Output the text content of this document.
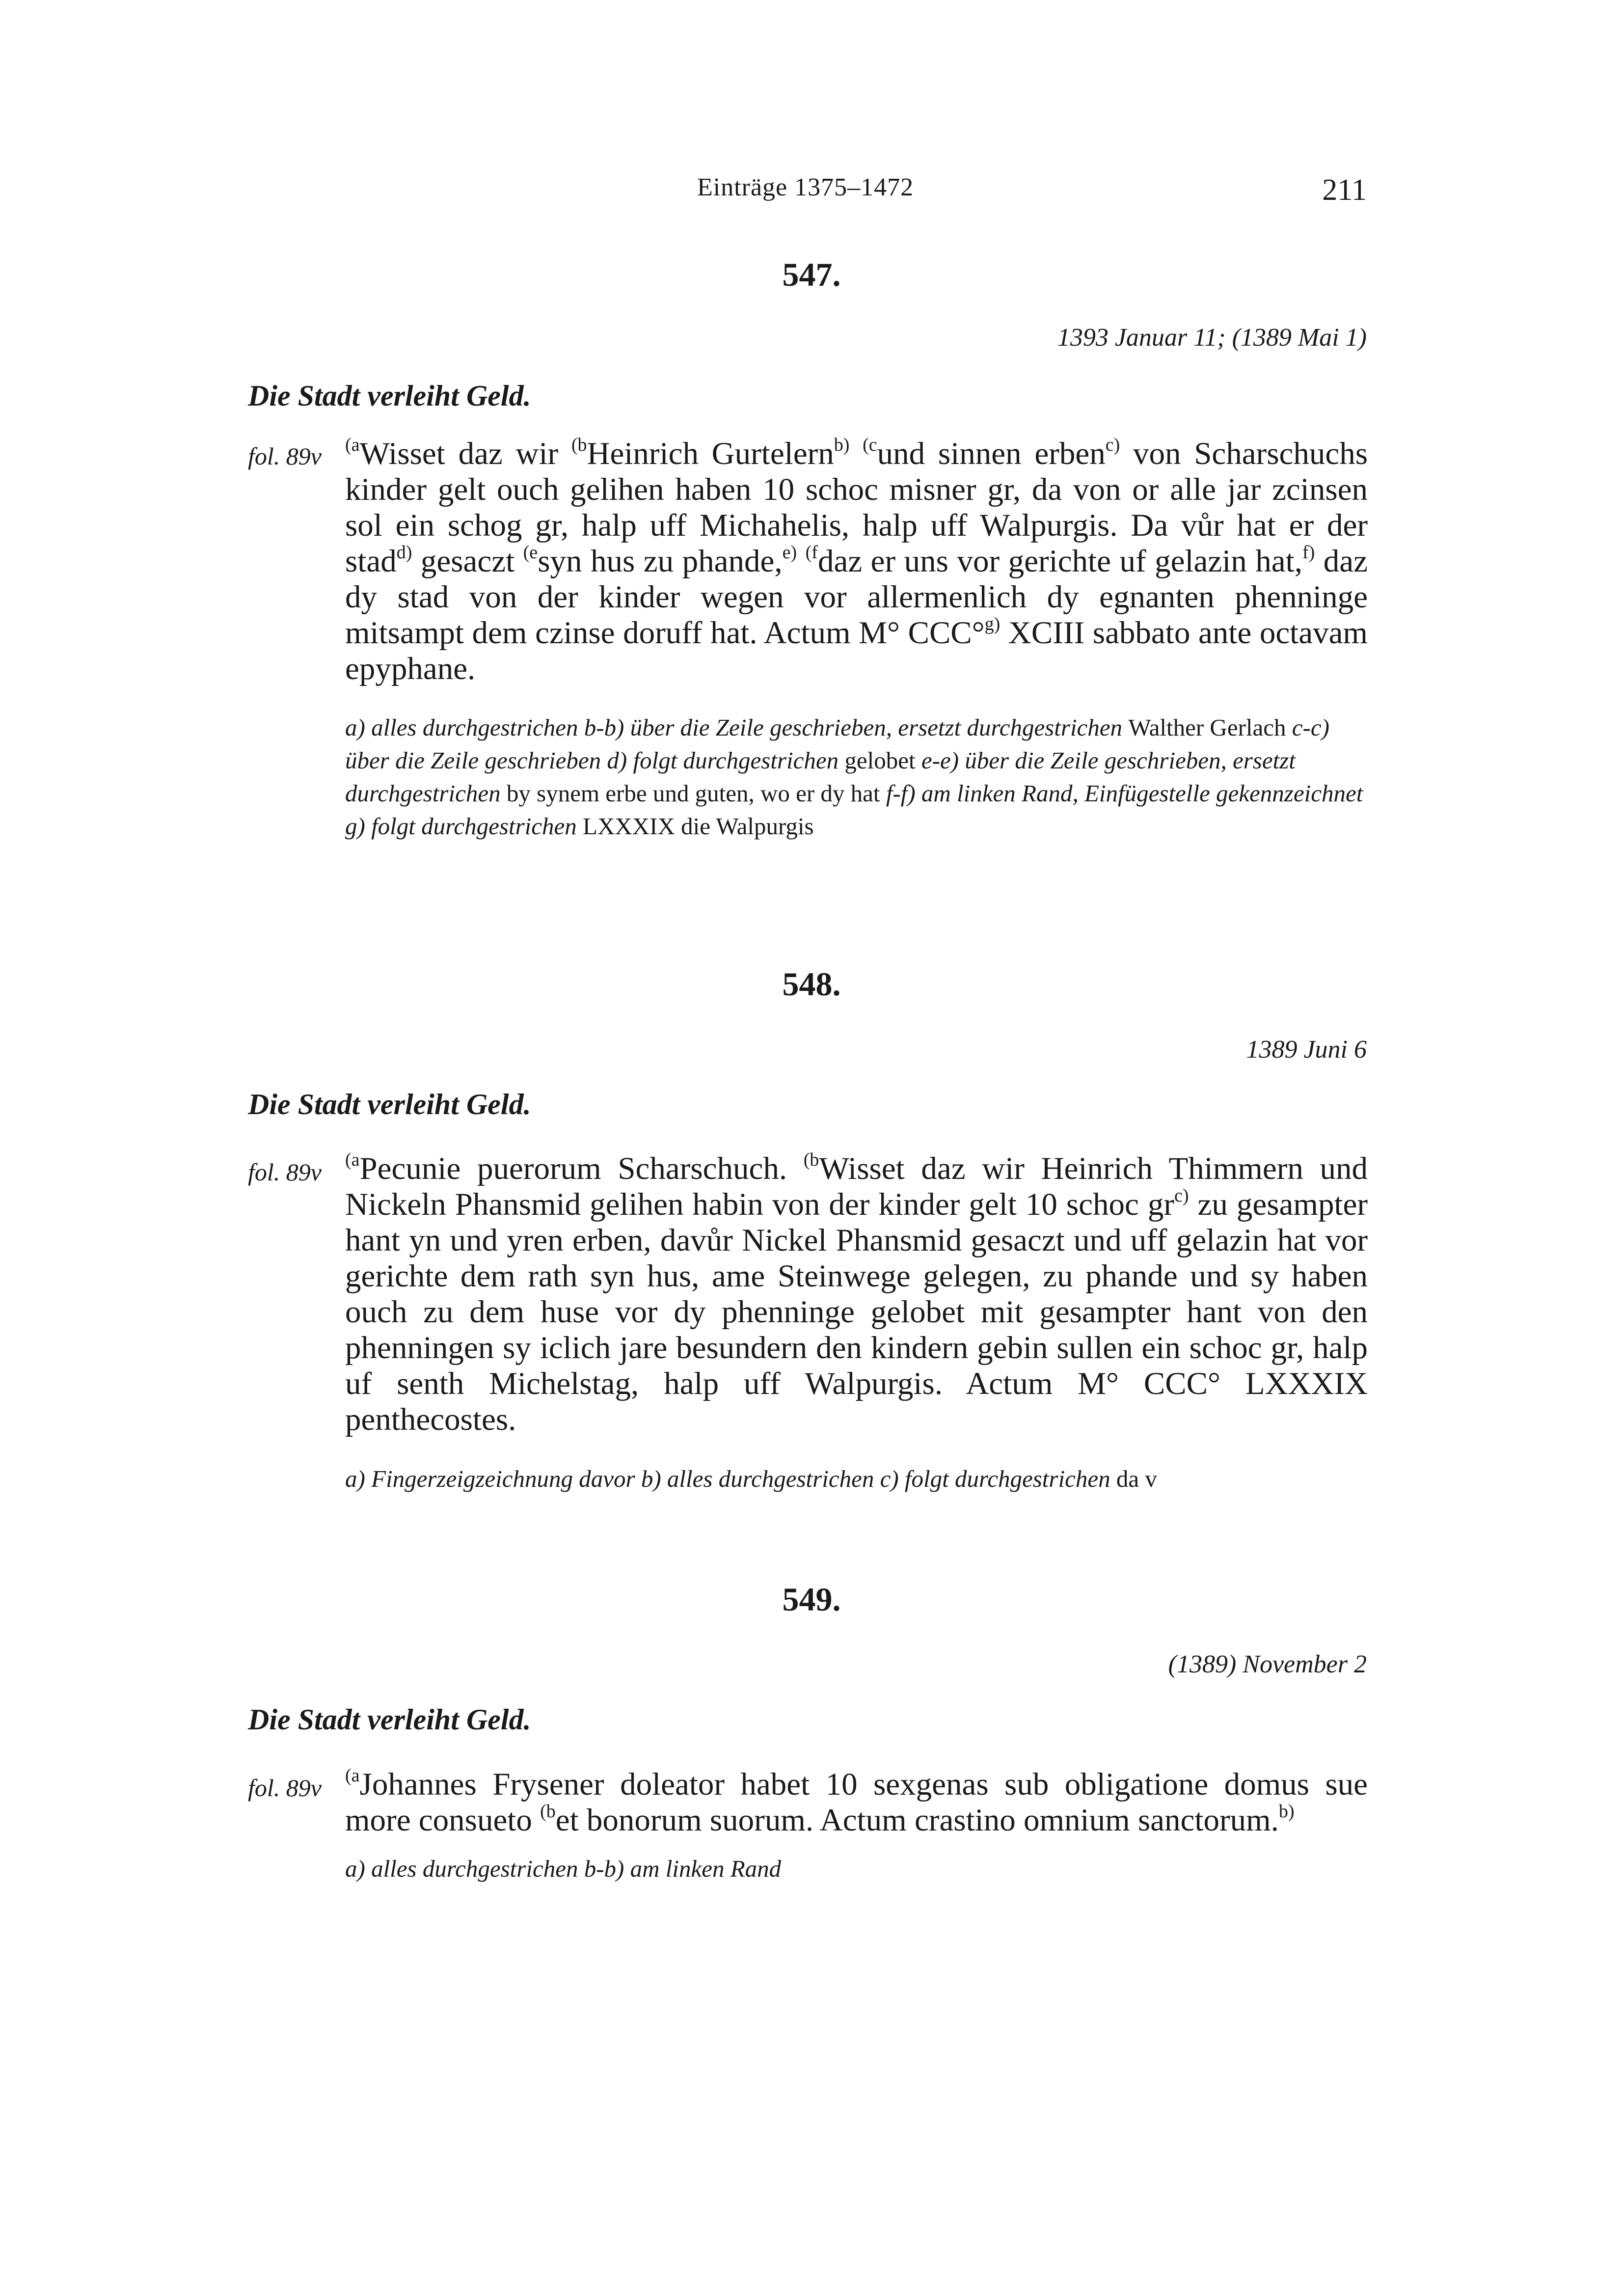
Einträge 1375–1472	211
547.
1393 Januar 11; (1389 Mai 1)
Die Stadt verleiht Geld.
fol. 89v $^{(a}$Wisset daz wir $^{(b}$Heinrich Gurtelern$^{b)}$ $^{(c}$und sinnen erben$^{c)}$ von Scharschuchs kinder gelt ouch gelihen haben 10 schoc misner gr, da von or alle jar zcinsen sol ein schog gr, halp uff Michahelis, halp uff Walpurgis. Da vůr hat er der stad$^{d)}$ gesaczt $^{(e}$syn hus zu phande,$^{e)}$ $^{(f}$daz er uns vor gerichte uf gelazin hat,$^{f)}$ daz dy stad von der kinder wegen vor allermenlich dy egnanten phenninge mitsampt dem czinse doruff hat. Actum M° CCC°$^{g)}$ XCIII sabbato ante octavam epyphane.
a) alles durchgestrichen b-b) über die Zeile geschrieben, ersetzt durchgestrichen Walther Gerlach c-c) über die Zeile geschrieben d) folgt durchgestrichen gelobet e-e) über die Zeile geschrieben, ersetzt durchgestrichen by synem erbe und guten, wo er dy hat f-f) am linken Rand, Einfügestelle gekennzeichnet g) folgt durchgestrichen LXXXIX die Walpurgis
548.
1389 Juni 6
Die Stadt verleiht Geld.
fol. 89v $^{(a}$Pecunie puerorum Scharschuch. $^{(b}$Wisset daz wir Heinrich Thimmern und Nickeln Phansmid gelihen habin von der kinder gelt 10 schoc $gr^{c)}$ zu gesampter hant yn und yren erben, davůr Nickel Phansmid gesaczt und uff gelazin hat vor gerichte dem rath syn hus, ame Steinwege gelegen, zu phande und sy haben ouch zu dem huse vor dy phenninge gelobet mit gesampter hant von den phenningen sy iclich jare besundern den kindern gebin sullen ein schoc gr, halp uf senth Michelstag, halp uff Walpurgis. Actum M° CCC° LXXXIX penthecostes.
a) Fingerzeigzeichnung davor b) alles durchgestrichen c) folgt durchgestrichen da v
549.
(1389) November 2
Die Stadt verleiht Geld.
fol. 89v $^{(a}$Johannes Frysener doleator habet 10 sexgenas sub obligatione domus sue more consueto $^{(b}$et bonorum suorum. Actum crastino omnium sanctorum.$^{b)}$
a) alles durchgestrichen b-b) am linken Rand
